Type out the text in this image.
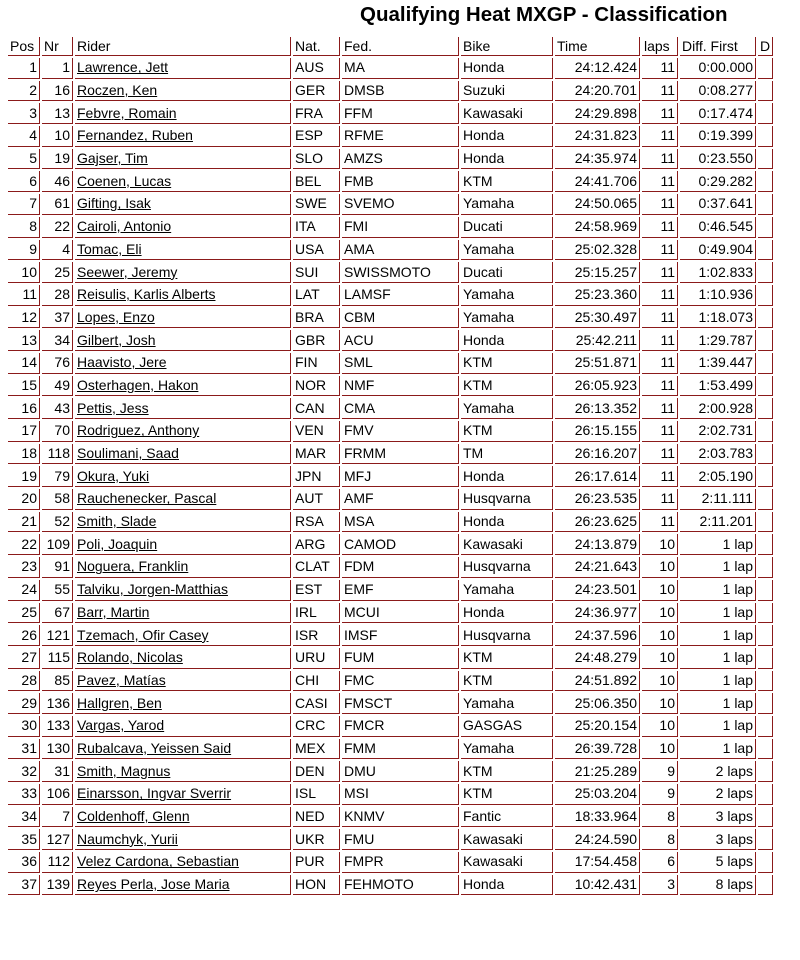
Qualifying Heat MXGP - Classification
Pos	Nr	Rider	Nat.	Fed.	Bike	Time	laps	Diff. First	D
1	1	Lawrence, Jett	AUS	MA	Honda	24:12.424	11	0:00.000	
2	16	Roczen, Ken	GER	DMSB	Suzuki	24:20.701	11	0:08.277	
3	13	Febvre, Romain	FRA	FFM	Kawasaki	24:29.898	11	0:17.474	
4	10	Fernandez, Ruben	ESP	RFME	Honda	24:31.823	11	0:19.399	
5	19	Gajser, Tim	SLO	AMZS	Honda	24:35.974	11	0:23.550	
6	46	Coenen, Lucas	BEL	FMB	KTM	24:41.706	11	0:29.282	
7	61	Gifting, Isak	SWE	SVEMO	Yamaha	24:50.065	11	0:37.641	
8	22	Cairoli, Antonio	ITA	FMI	Ducati	24:58.969	11	0:46.545	
9	4	Tomac, Eli	USA	AMA	Yamaha	25:02.328	11	0:49.904	
10	25	Seewer, Jeremy	SUI	SWISSMOTO	Ducati	25:15.257	11	1:02.833	
11	28	Reisulis, Karlis Alberts	LAT	LAMSF	Yamaha	25:23.360	11	1:10.936	
12	37	Lopes, Enzo	BRA	CBM	Yamaha	25:30.497	11	1:18.073	
13	34	Gilbert, Josh	GBR	ACU	Honda	25:42.211	11	1:29.787	
14	76	Haavisto, Jere	FIN	SML	KTM	25:51.871	11	1:39.447	
15	49	Osterhagen, Hakon	NOR	NMF	KTM	26:05.923	11	1:53.499	
16	43	Pettis, Jess	CAN	CMA	Yamaha	26:13.352	11	2:00.928	
17	70	Rodriguez, Anthony	VEN	FMV	KTM	26:15.155	11	2:02.731	
18	118	Soulimani, Saad	MAR	FRMM	TM	26:16.207	11	2:03.783	
19	79	Okura, Yuki	JPN	MFJ	Honda	26:17.614	11	2:05.190	
20	58	Rauchenecker, Pascal	AUT	AMF	Husqvarna	26:23.535	11	2:11.111	
21	52	Smith, Slade	RSA	MSA	Honda	26:23.625	11	2:11.201	
22	109	Poli, Joaquin	ARG	CAMOD	Kawasaki	24:13.879	10	1 lap	
23	91	Noguera, Franklin	CLAT	FDM	Husqvarna	24:21.643	10	1 lap	
24	55	Talviku, Jorgen-Matthias	EST	EMF	Yamaha	24:23.501	10	1 lap	
25	67	Barr, Martin	IRL	MCUI	Honda	24:36.977	10	1 lap	
26	121	Tzemach, Ofir Casey	ISR	IMSF	Husqvarna	24:37.596	10	1 lap	
27	115	Rolando, Nicolas	URU	FUM	KTM	24:48.279	10	1 lap	
28	85	Pavez, Matías	CHI	FMC	KTM	24:51.892	10	1 lap	
29	136	Hallgren, Ben	CASI	FMSCT	Yamaha	25:06.350	10	1 lap	
30	133	Vargas, Yarod	CRC	FMCR	GASGAS	25:20.154	10	1 lap	
31	130	Rubalcava, Yeissen Said	MEX	FMM	Yamaha	26:39.728	10	1 lap	
32	31	Smith, Magnus	DEN	DMU	KTM	21:25.289	9	2 laps	
33	106	Einarsson, Ingvar Sverrir	ISL	MSI	KTM	25:03.204	9	2 laps	
34	7	Coldenhoff, Glenn	NED	KNMV	Fantic	18:33.964	8	3 laps	
35	127	Naumchyk, Yurii	UKR	FMU	Kawasaki	24:24.590	8	3 laps	
36	112	Velez Cardona, Sebastian	PUR	FMPR	Kawasaki	17:54.458	6	5 laps	
37	139	Reyes Perla, Jose Maria	HON	FEHMOTO	Honda	10:42.431	3	8 laps	
